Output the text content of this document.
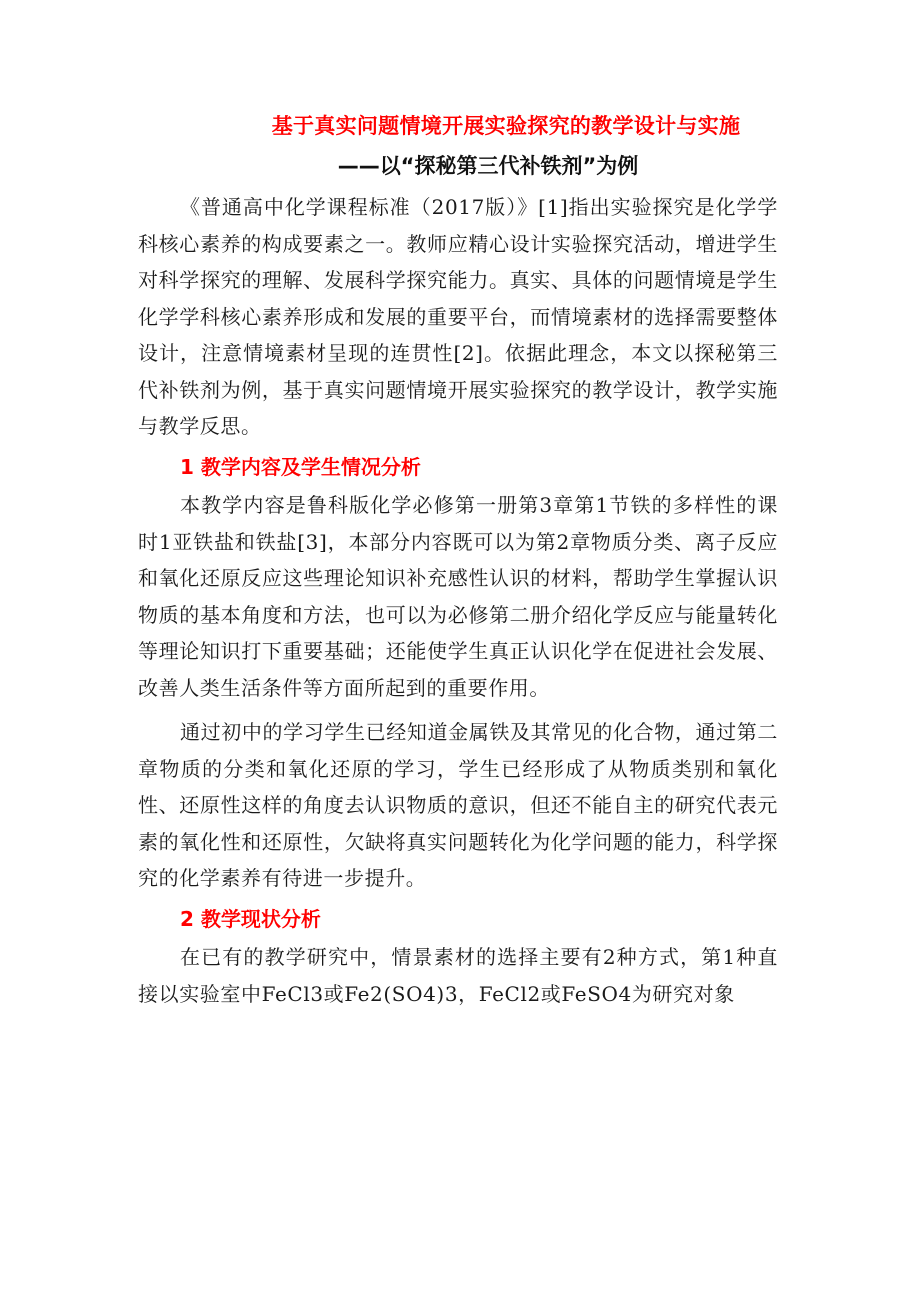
基于真实问题情境开展实验探究的教学设计与实施
——以“探秘第三代补铁剂”为例

《普通高中化学课程标准（2017版）》[1]指出实验探究是化学学科核心素养的构成要素之一。教师应精心设计实验探究活动，增进学生对科学探究的理解、发展科学探究能力。真实、具体的问题情境是学生化学学科核心素养形成和发展的重要平台，而情境素材的选择需要整体设计，注意情境素材呈现的连贯性[2]。依据此理念，本文以探秘第三代补铁剂为例，基于真实问题情境开展实验探究的教学设计，教学实施与教学反思。

1 教学内容及学生情况分析

本教学内容是鲁科版化学必修第一册第3章第1节铁的多样性的课时1亚铁盐和铁盐[3]，本部分内容既可以为第2章物质分类、离子反应和氧化还原反应这些理论知识补充感性认识的材料，帮助学生掌握认识物质的基本角度和方法，也可以为必修第二册介绍化学反应与能量转化等理论知识打下重要基础；还能使学生真正认识化学在促进社会发展、改善人类生活条件等方面所起到的重要作用。

通过初中的学习学生已经知道金属铁及其常见的化合物，通过第二章物质的分类和氧化还原的学习，学生已经形成了从物质类别和氧化性、还原性这样的角度去认识物质的意识，但还不能自主的研究代表元素的氧化性和还原性，欠缺将真实问题转化为化学问题的能力，科学探究的化学素养有待进一步提升。

2 教学现状分析

在已有的教学研究中，情景素材的选择主要有2种方式，第1种直接以实验室中FeCl3或Fe2(SO4)3，FeCl2或FeSO4为研究对象
